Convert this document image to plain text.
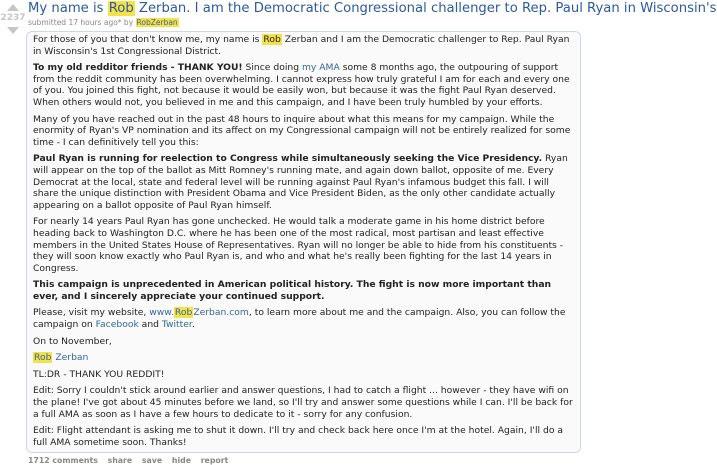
2237
My name is Rob Zerban. I am the Democratic Congressional challenger to Rep. Paul Ryan in Wisconsin's
submitted 17 hours ago* by RobZerban

For those of you that don't know me, my name is Rob Zerban and I am the Democratic challenger to Rep. Paul Ryan in Wisconsin's 1st Congressional District.

To my old redditor friends - THANK YOU! Since doing my AMA some 8 months ago, the outpouring of support from the reddit community has been overwhelming. I cannot express how truly grateful I am for each and every one of you. You joined this fight, not because it would be easily won, but because it was the fight Paul Ryan deserved. When others would not, you believed in me and this campaign, and I have been truly humbled by your efforts.

Many of you have reached out in the past 48 hours to inquire about what this means for my campaign. While the enormity of Ryan's VP nomination and its affect on my Congressional campaign will not be entirely realized for some time - I can definitively tell you this:

Paul Ryan is running for reelection to Congress while simultaneously seeking the Vice Presidency. Ryan will appear on the top of the ballot as Mitt Romney's running mate, and again down ballot, opposite of me. Every Democrat at the local, state and federal level will be running against Paul Ryan's infamous budget this fall. I will share the unique distinction with President Obama and Vice President Biden, as the only other candidate actually appearing on a ballot opposite of Paul Ryan himself.

For nearly 14 years Paul Ryan has gone unchecked. He would talk a moderate game in his home district before heading back to Washington D.C. where he has been one of the most radical, most partisan and least effective members in the United States House of Representatives. Ryan will no longer be able to hide from his constituents - they will soon know exactly who Paul Ryan is, and who and what he's really been fighting for the last 14 years in Congress.

This campaign is unprecedented in American political history. The fight is now more important than ever, and I sincerely appreciate your continued support.

Please, visit my website, www.RobZerban.com, to learn more about me and the campaign. Also, you can follow the campaign on Facebook and Twitter.

On to November,

Rob Zerban

TL:DR - THANK YOU REDDIT!

Edit: Sorry I couldn't stick around earlier and answer questions, I had to catch a flight ... however - they have wifi on the plane! I've got about 45 minutes before we land, so I'll try and answer some questions while I can. I'll be back for a full AMA as soon as I have a few hours to dedicate to it - sorry for any confusion.

Edit: Flight attendant is asking me to shut it down. I'll try and check back here once I'm at the hotel. Again, I'll do a full AMA sometime soon. Thanks!

1712 comments share save hide report
